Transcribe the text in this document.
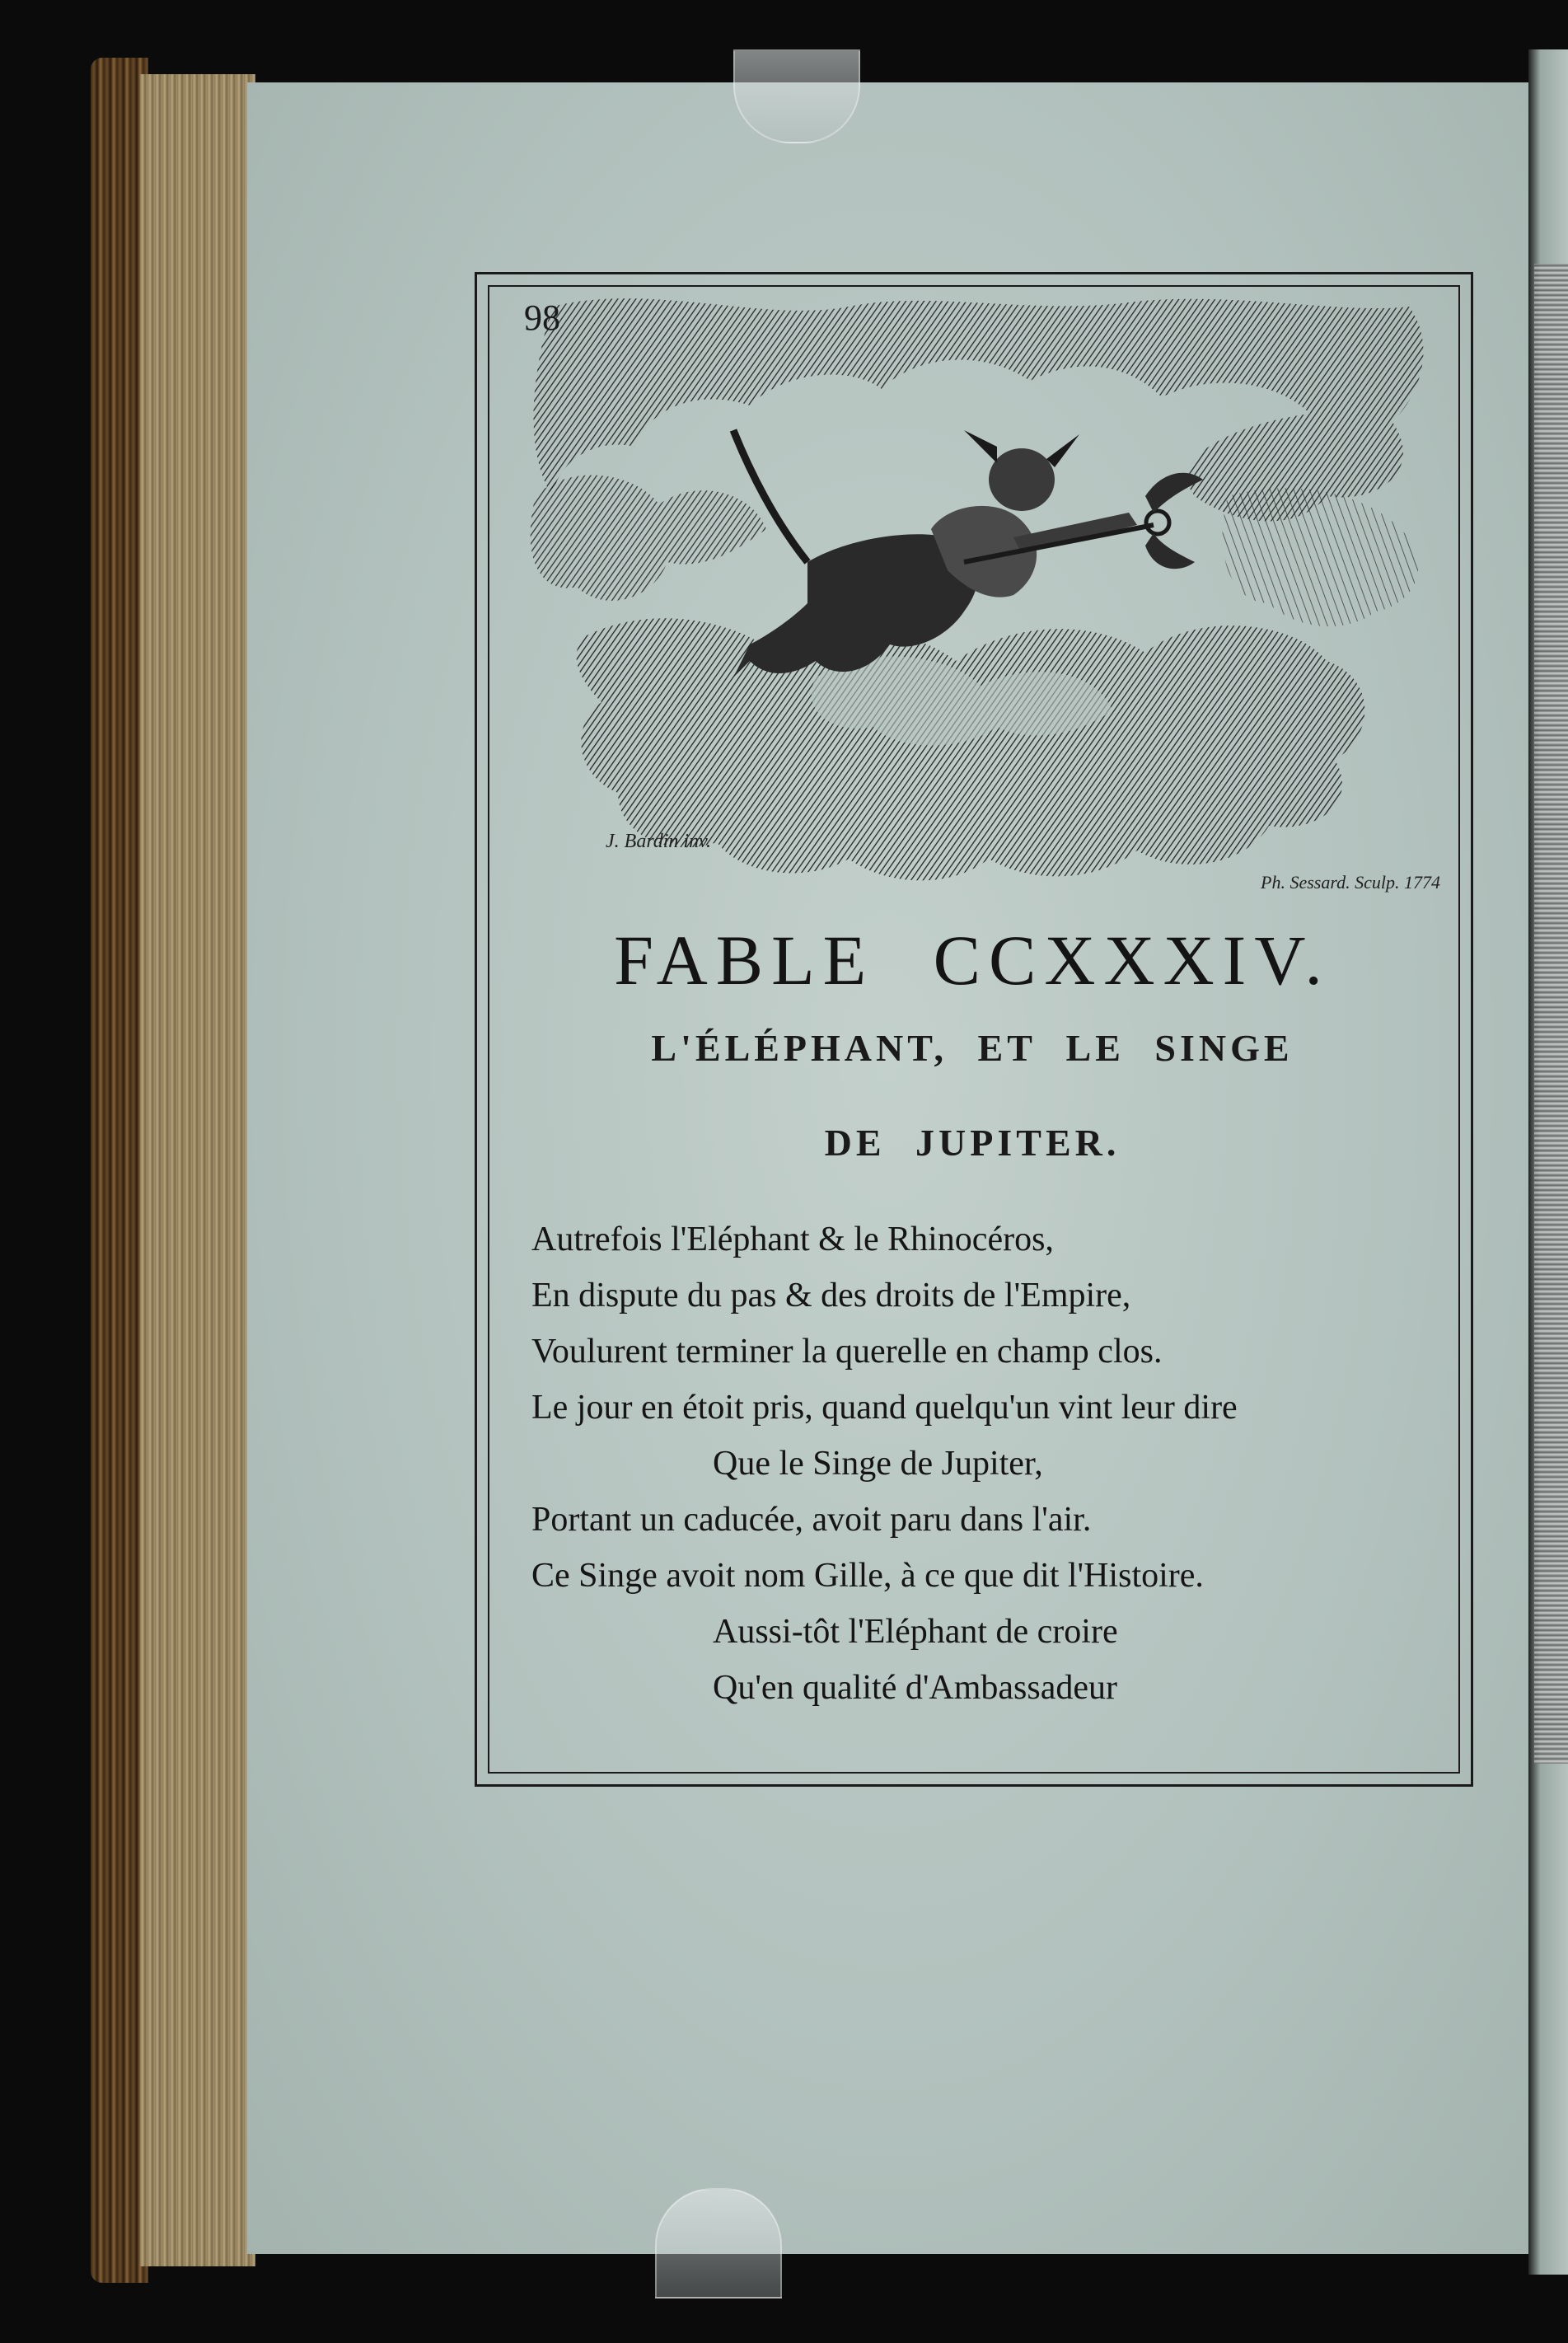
98
J. Bardin inv.
Ph. Sessard. Sculp. 1774
FABLE CCXXXIV.
L'ÉLÉPHANT, ET LE SINGE
DE JUPITER.
Autrefois l'Eléphant & le Rhinocéros,
En dispute du pas & des droits de l'Empire,
Voulurent terminer la querelle en champ clos.
Le jour en étoit pris, quand quelqu'un vint leur dire
Que le Singe de Jupiter,
Portant un caducée, avoit paru dans l'air.
Ce Singe avoit nom Gille, à ce que dit l'Histoire.
Aussi-tôt l'Eléphant de croire
Qu'en qualité d'Ambassadeur
